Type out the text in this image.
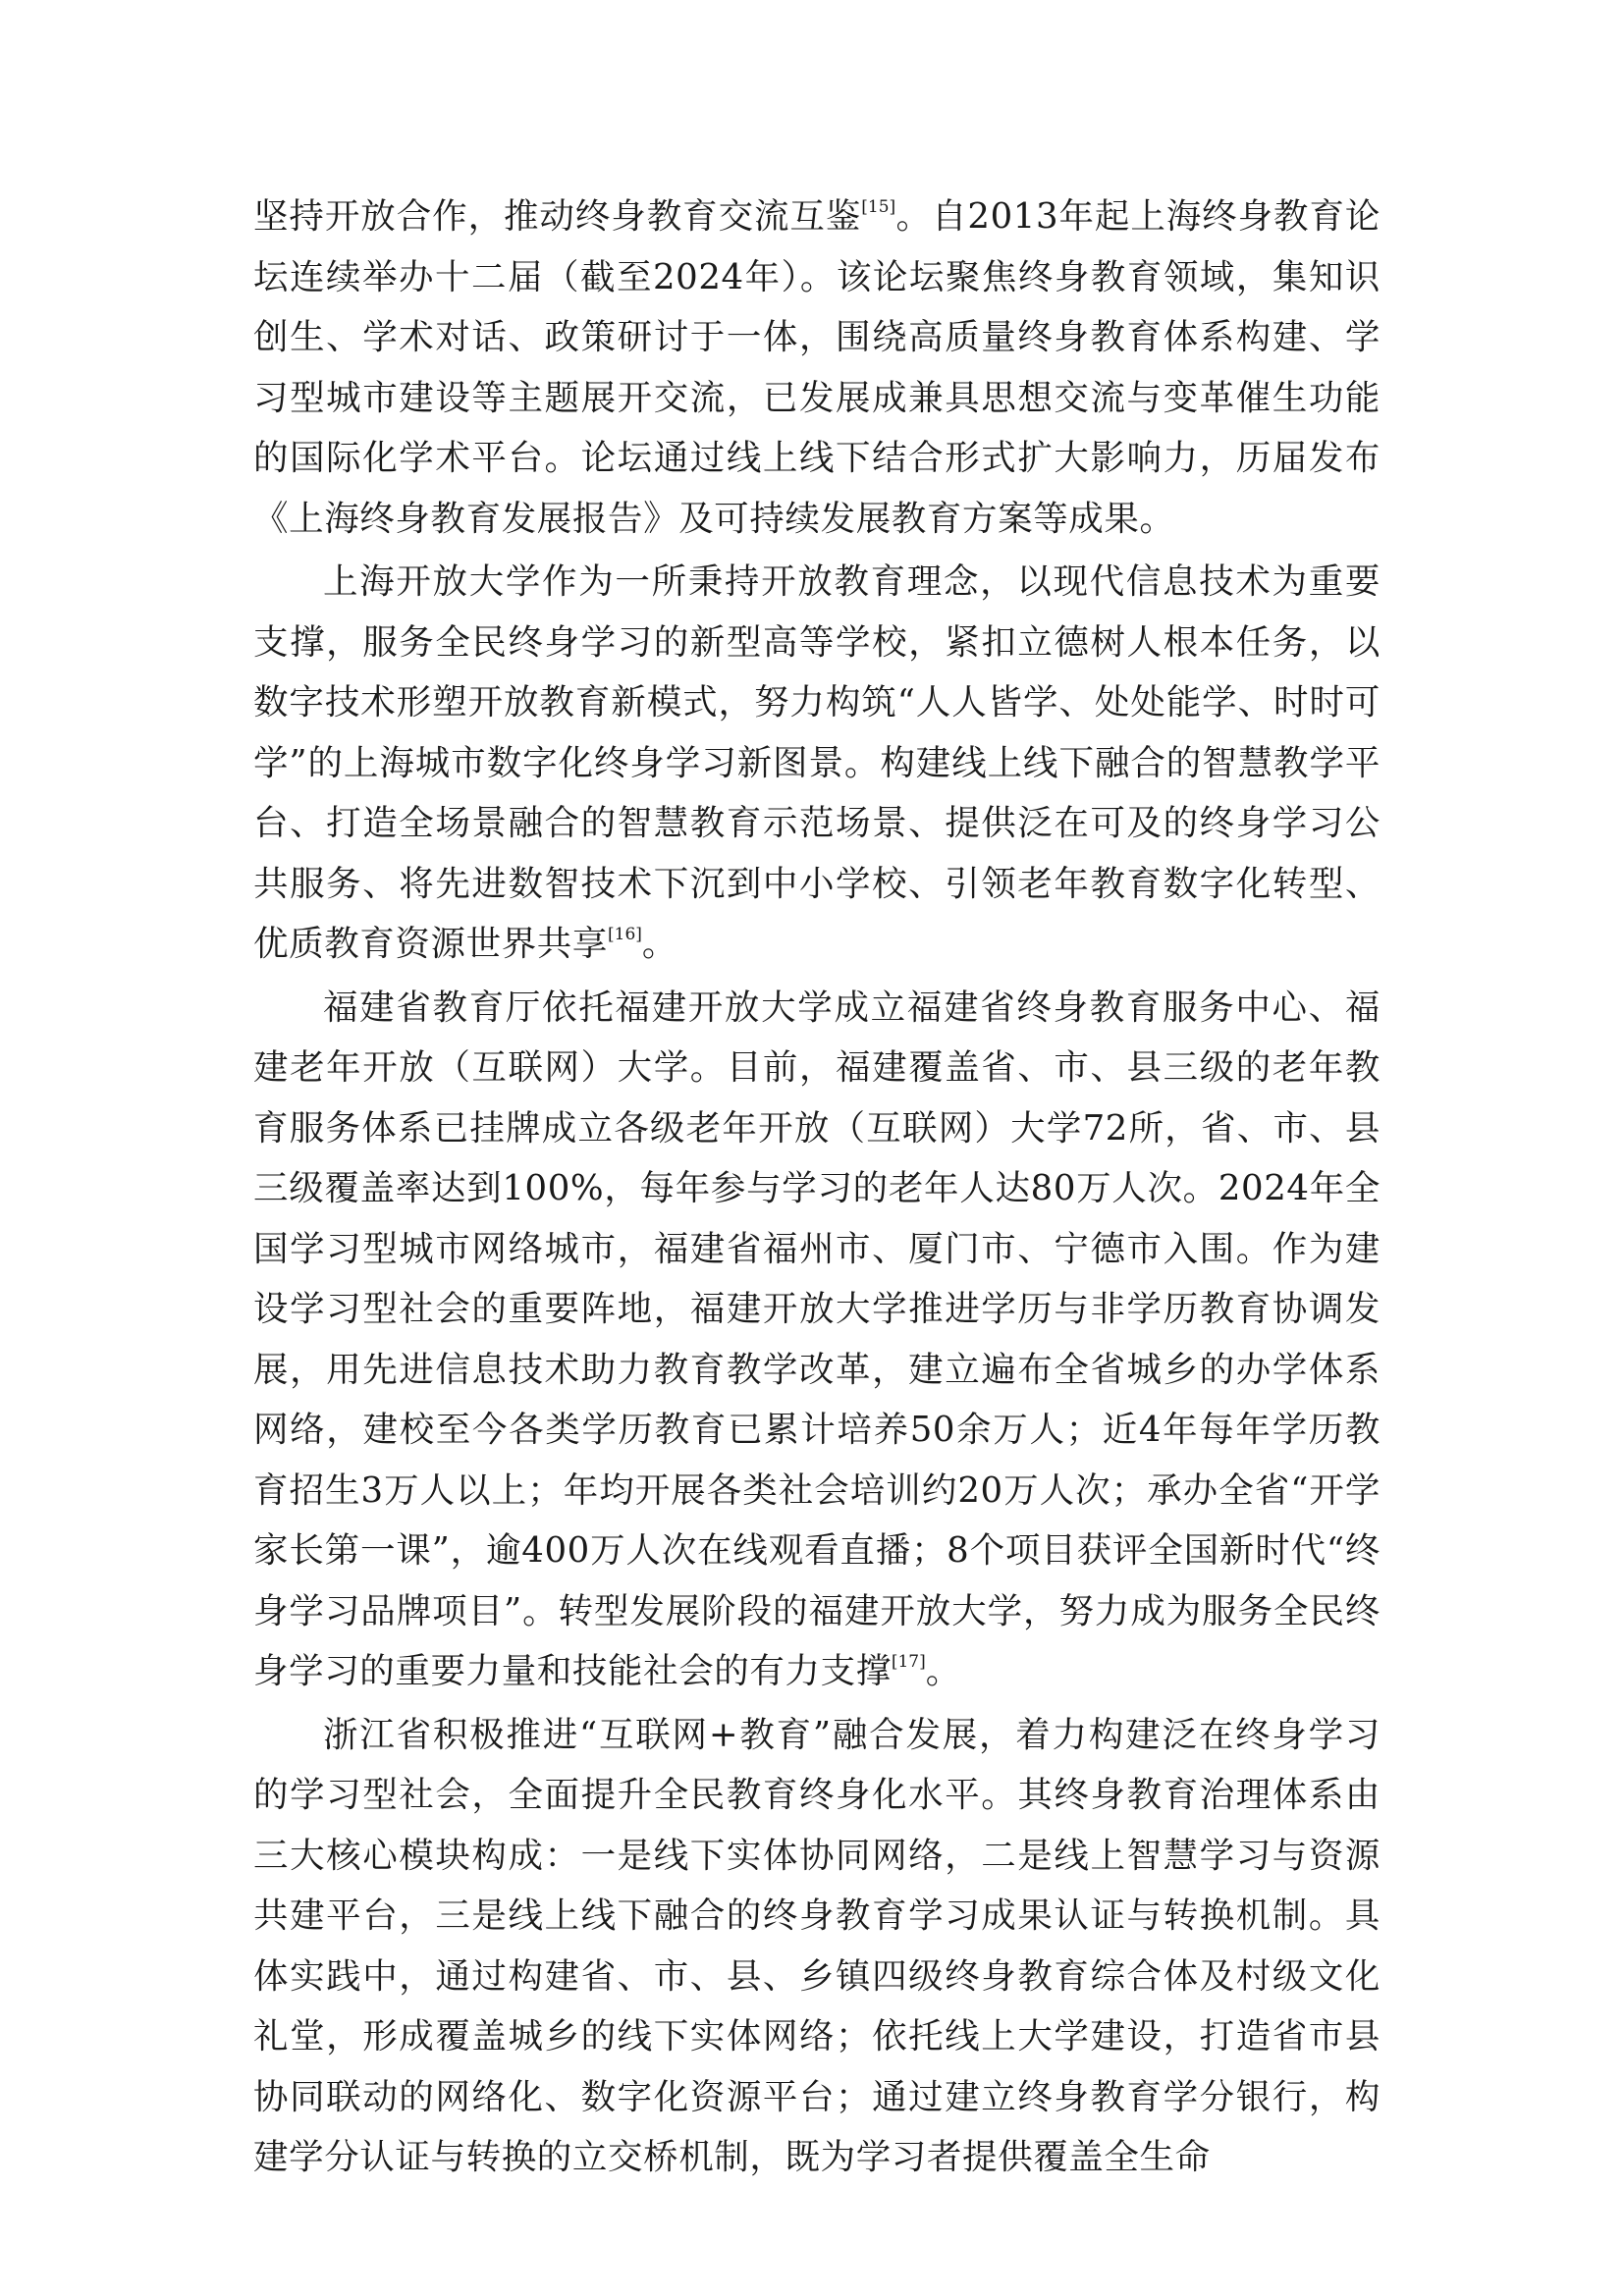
坚持开放合作，推动终身教育交流互鉴[15]。自2013年起上海终身教育论坛连续举办十二届（截至2024年）。该论坛聚焦终身教育领域，集知识创生、学术对话、政策研讨于一体，围绕高质量终身教育体系构建、学习型城市建设等主题展开交流，已发展成兼具思想交流与变革催生功能的国际化学术平台。论坛通过线上线下结合形式扩大影响力，历届发布《上海终身教育发展报告》及可持续发展教育方案等成果。

上海开放大学作为一所秉持开放教育理念，以现代信息技术为重要支撑，服务全民终身学习的新型高等学校，紧扣立德树人根本任务，以数字技术形塑开放教育新模式，努力构筑“人人皆学、处处能学、时时可学”的上海城市数字化终身学习新图景。构建线上线下融合的智慧教学平台、打造全场景融合的智慧教育示范场景、提供泛在可及的终身学习公共服务、将先进数智技术下沉到中小学校、引领老年教育数字化转型、优质教育资源世界共享[16]。

福建省教育厅依托福建开放大学成立福建省终身教育服务中心、福建老年开放（互联网）大学。目前，福建覆盖省、市、县三级的老年教育服务体系已挂牌成立各级老年开放（互联网）大学72所，省、市、县三级覆盖率达到100%，每年参与学习的老年人达80万人次。2024年全国学习型城市网络城市，福建省福州市、厦门市、宁德市入围。作为建设学习型社会的重要阵地，福建开放大学推进学历与非学历教育协调发展，用先进信息技术助力教育教学改革，建立遍布全省城乡的办学体系网络，建校至今各类学历教育已累计培养50余万人；近4年每年学历教育招生3万人以上；年均开展各类社会培训约20万人次；承办全省“开学家长第一课”，逾400万人次在线观看直播；8个项目获评全国新时代“终身学习品牌项目”。转型发展阶段的福建开放大学，努力成为服务全民终身学习的重要力量和技能社会的有力支撑[17]。

浙江省积极推进“互联网+教育”融合发展，着力构建泛在终身学习的学习型社会，全面提升全民教育终身化水平。其终身教育治理体系由三大核心模块构成：一是线下实体协同网络，二是线上智慧学习与资源共建平台，三是线上线下融合的终身教育学习成果认证与转换机制。具体实践中，通过构建省、市、县、乡镇四级终身教育综合体及村级文化礼堂，形成覆盖城乡的线下实体网络；依托线上大学建设，打造省市县协同联动的网络化、数字化资源平台；通过建立终身教育学分银行，构建学分认证与转换的立交桥机制，既为学习者提供覆盖全生命
